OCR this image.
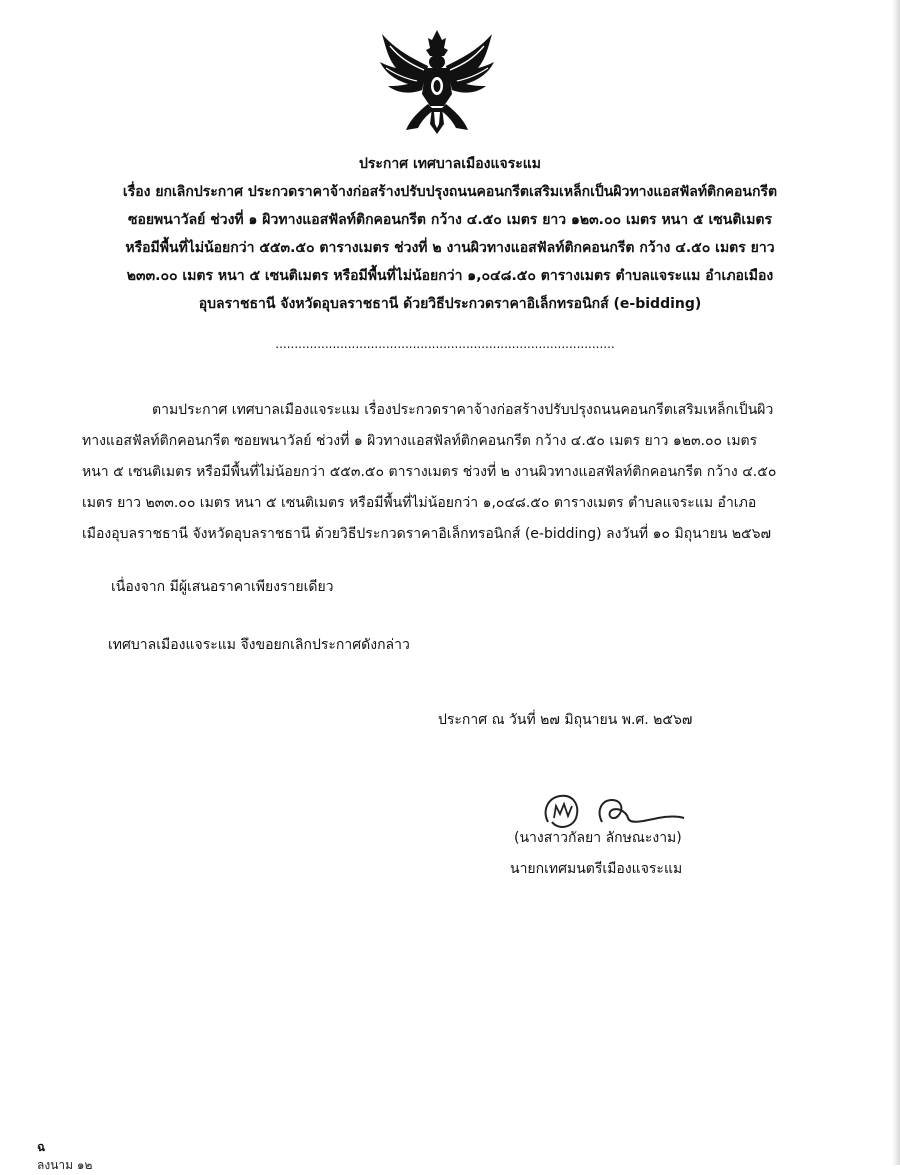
ประกาศ เทศบาลเมืองแจระแม
เรื่อง ยกเลิกประกาศ ประกวดราคาจ้างก่อสร้างปรับปรุงถนนคอนกรีตเสริมเหล็กเป็นผิวทางแอสฟัลท์ติกคอนกรีต
ซอยพนาวัลย์ ช่วงที่ ๑ ผิวทางแอสฟัลท์ติกคอนกรีต กว้าง ๔.๕๐ เมตร ยาว ๑๒๓.๐๐ เมตร หนา ๕ เซนติเมตร
หรือมีพื้นที่ไม่น้อยกว่า ๕๕๓.๕๐ ตารางเมตร ช่วงที่ ๒ งานผิวทางแอสฟัลท์ติกคอนกรีต กว้าง ๔.๕๐ เมตร ยาว
๒๓๓.๐๐ เมตร หนา ๕ เซนติเมตร หรือมีพื้นที่ไม่น้อยกว่า ๑,๐๔๘.๕๐ ตารางเมตร ตำบลแจระแม อำเภอเมือง
อุบลราชธานี จังหวัดอุบลราชธานี ด้วยวิธีประกวดราคาอิเล็กทรอนิกส์ (e-bidding)
.........................................................................................
ตามประกาศ เทศบาลเมืองแจระแม เรื่องประกวดราคาจ้างก่อสร้างปรับปรุงถนนคอนกรีตเสริมเหล็กเป็นผิว
ทางแอสฟัลท์ติกคอนกรีต ซอยพนาวัลย์ ช่วงที่ ๑ ผิวทางแอสฟัลท์ติกคอนกรีต กว้าง ๔.๕๐ เมตร ยาว ๑๒๓.๐๐ เมตร
หนา ๕ เซนติเมตร หรือมีพื้นที่ไม่น้อยกว่า ๕๕๓.๕๐ ตารางเมตร ช่วงที่ ๒ งานผิวทางแอสฟัลท์ติกคอนกรีต กว้าง ๔.๕๐
เมตร ยาว ๒๓๓.๐๐ เมตร หนา ๕ เซนติเมตร หรือมีพื้นที่ไม่น้อยกว่า ๑,๐๔๘.๕๐ ตารางเมตร ตำบลแจระแม อำเภอ
เมืองอุบลราชธานี จังหวัดอุบลราชธานี ด้วยวิธีประกวดราคาอิเล็กทรอนิกส์ (e-bidding) ลงวันที่ ๑๐ มิถุนายน ๒๕๖๗
เนื่องจาก มีผู้เสนอราคาเพียงรายเดียว
เทศบาลเมืองแจระแม จึงขอยกเลิกประกาศดังกล่าว
ประกาศ ณ วันที่ ๒๗ มิถุนายน พ.ศ. ๒๕๖๗
(นางสาวกัลยา ลักษณะงาม)
นายกเทศมนตรีเมืองแจระแม
ฉ
ลงนาม ๑๒
